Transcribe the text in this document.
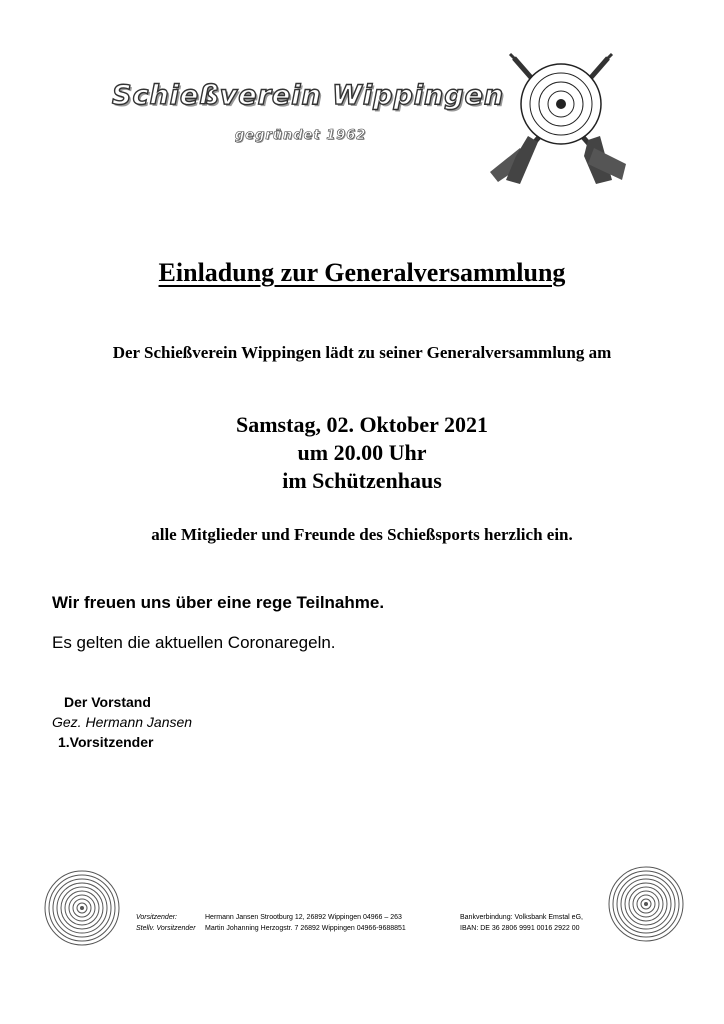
Schießverein Wippingen
gegründet 1962
Einladung zur Generalversammlung
Der Schießverein Wippingen lädt zu seiner Generalversammlung am
Samstag, 02. Oktober 2021
um 20.00 Uhr
im Schützenhaus
alle Mitglieder und Freunde des Schießsports herzlich ein.
Wir freuen uns über eine rege Teilnahme.
Es gelten die aktuellen Coronaregeln.
Der Vorstand
Gez. Hermann Jansen
1.Vorsitzender
Vorsitzender:	Hermann Jansen Strootburg 12, 26892 Wippingen 04966 – 263
Stellv. Vorsitzender Martin Johanning Herzogstr. 7 26892 Wippingen 04966-9688851
Bankverbindung: Volksbank Emstal eG,
IBAN: DE 36 2806 9991 0016 2922 00
